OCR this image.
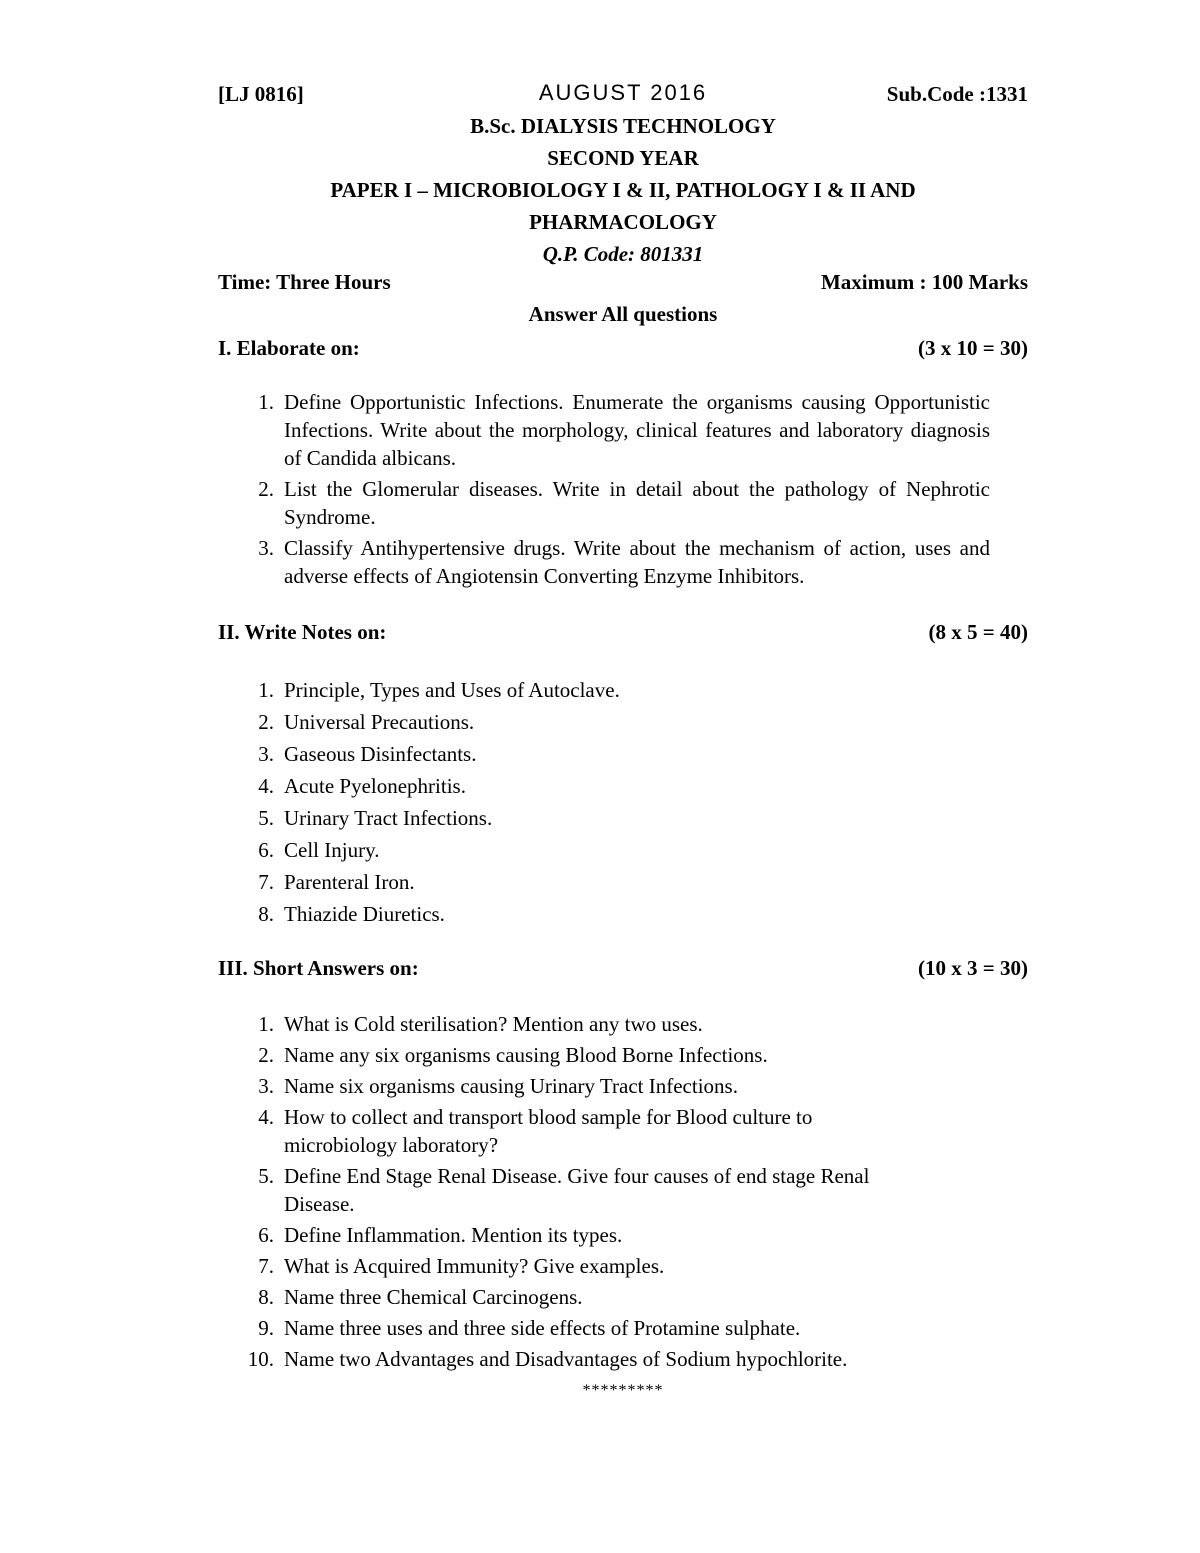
[LJ 0816]	AUGUST 2016	Sub.Code :1331
B.Sc. DIALYSIS TECHNOLOGY
SECOND YEAR
PAPER I – MICROBIOLOGY I & II, PATHOLOGY I & II AND
PHARMACOLOGY
Q.P. Code: 801331
Time: Three Hours	Maximum : 100 Marks
Answer All questions
I. Elaborate on:	(3 x 10 = 30)
1. Define Opportunistic Infections. Enumerate the organisms causing Opportunistic Infections. Write about the morphology, clinical features and laboratory diagnosis of Candida albicans.
2. List the Glomerular diseases. Write in detail about the pathology of Nephrotic Syndrome.
3. Classify Antihypertensive drugs. Write about the mechanism of action, uses and adverse effects of Angiotensin Converting Enzyme Inhibitors.
II. Write Notes on:	(8 x 5 = 40)
1. Principle, Types and Uses of Autoclave.
2. Universal Precautions.
3. Gaseous Disinfectants.
4. Acute Pyelonephritis.
5. Urinary Tract Infections.
6. Cell Injury.
7. Parenteral Iron.
8. Thiazide Diuretics.
III. Short Answers on:	(10 x 3 = 30)
1. What is Cold sterilisation? Mention any two uses.
2. Name any six organisms causing Blood Borne Infections.
3. Name six organisms causing Urinary Tract Infections.
4. How to collect and transport blood sample for Blood culture to microbiology laboratory?
5. Define End Stage Renal Disease. Give four causes of end stage Renal Disease.
6. Define Inflammation. Mention its types.
7. What is Acquired Immunity? Give examples.
8. Name three Chemical Carcinogens.
9. Name three uses and three side effects of Protamine sulphate.
10. Name two Advantages and Disadvantages of Sodium hypochlorite.
*********
